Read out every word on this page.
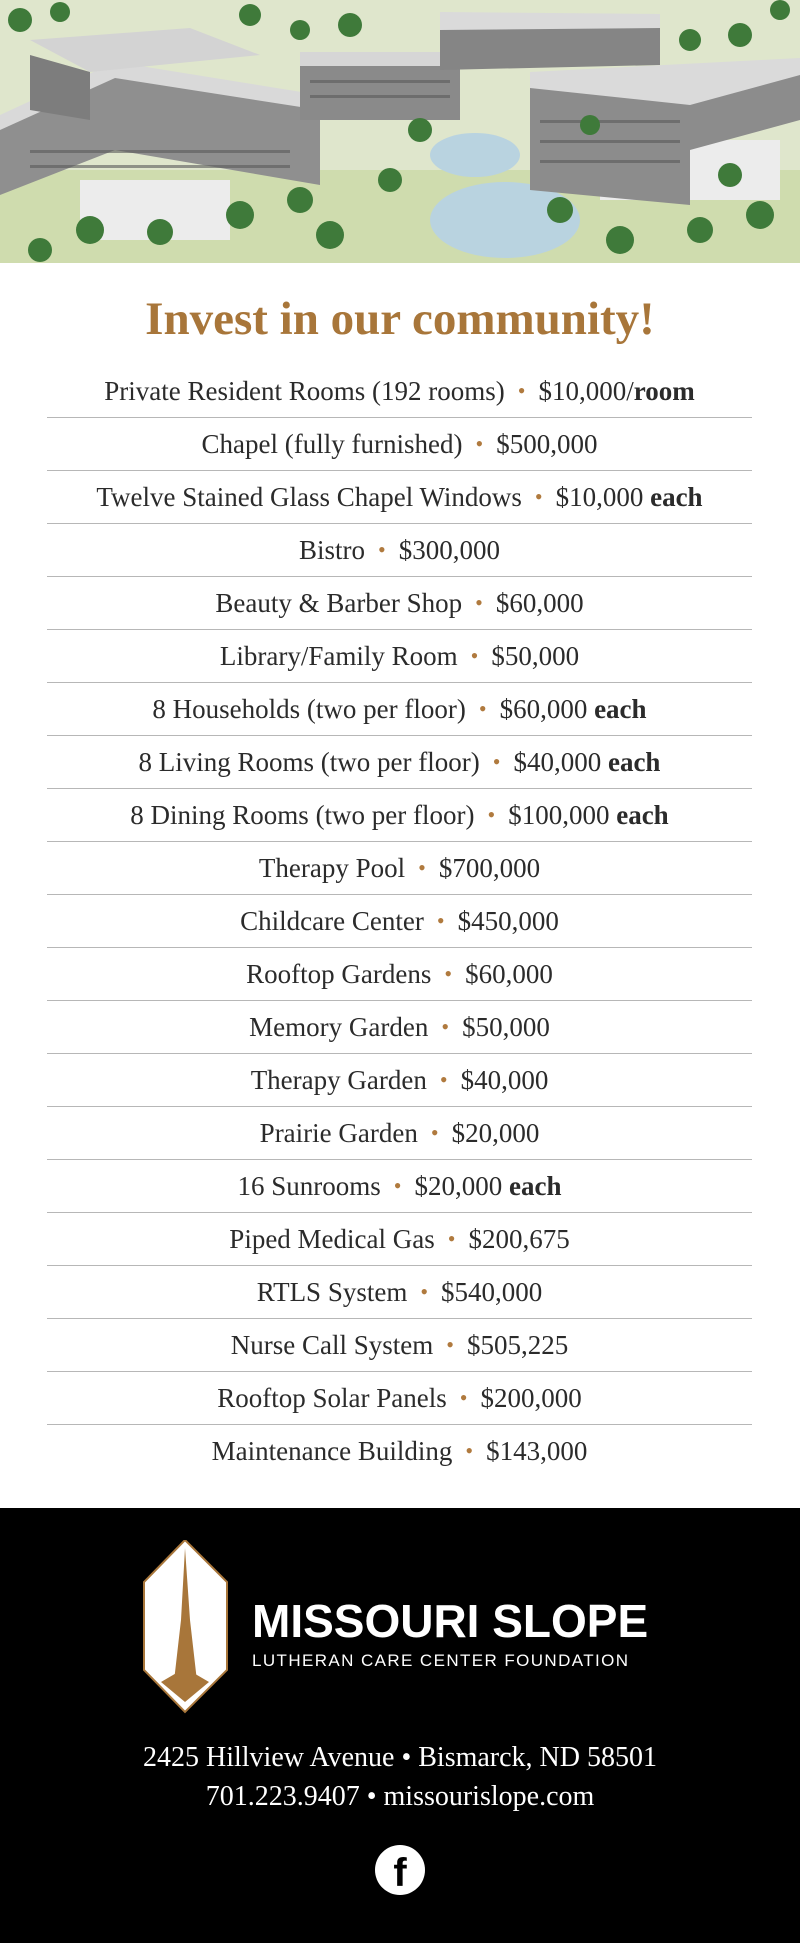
Invest in our community!
Private Resident Rooms (192 rooms) • $10,000/ room
Chapel (fully furnished) • $500,000
Twelve Stained Glass Chapel Windows • $10,000
each
Bistro • $300,000
Beauty & Barber Shop • $60,000
Library/Family Room • $50,000
8 Households (two per floor) • $60,000
each
8 Living Rooms (two per floor) • $40,000
each
8 Dining Rooms (two per floor) • $100,000
each
Therapy Pool • $700,000
Childcare Center • $450,000
Rooftop Gardens • $60,000
Memory Garden • $50,000
Therapy Garden • $40,000
Prairie Garden • $20,000
16 Sunrooms • $20,000
each
Piped Medical Gas • $200,675
RTLS System • $540,000
Nurse Call System • $505,225
Rooftop Solar Panels • $200,000
Maintenance Building • $143,000
MISSOURI SLOPE
LUTHERAN CARE CENTER FOUNDATION
2425 Hillview Avenue • Bismarck, ND 58501
701.223.9407 • missourislope.com
f
